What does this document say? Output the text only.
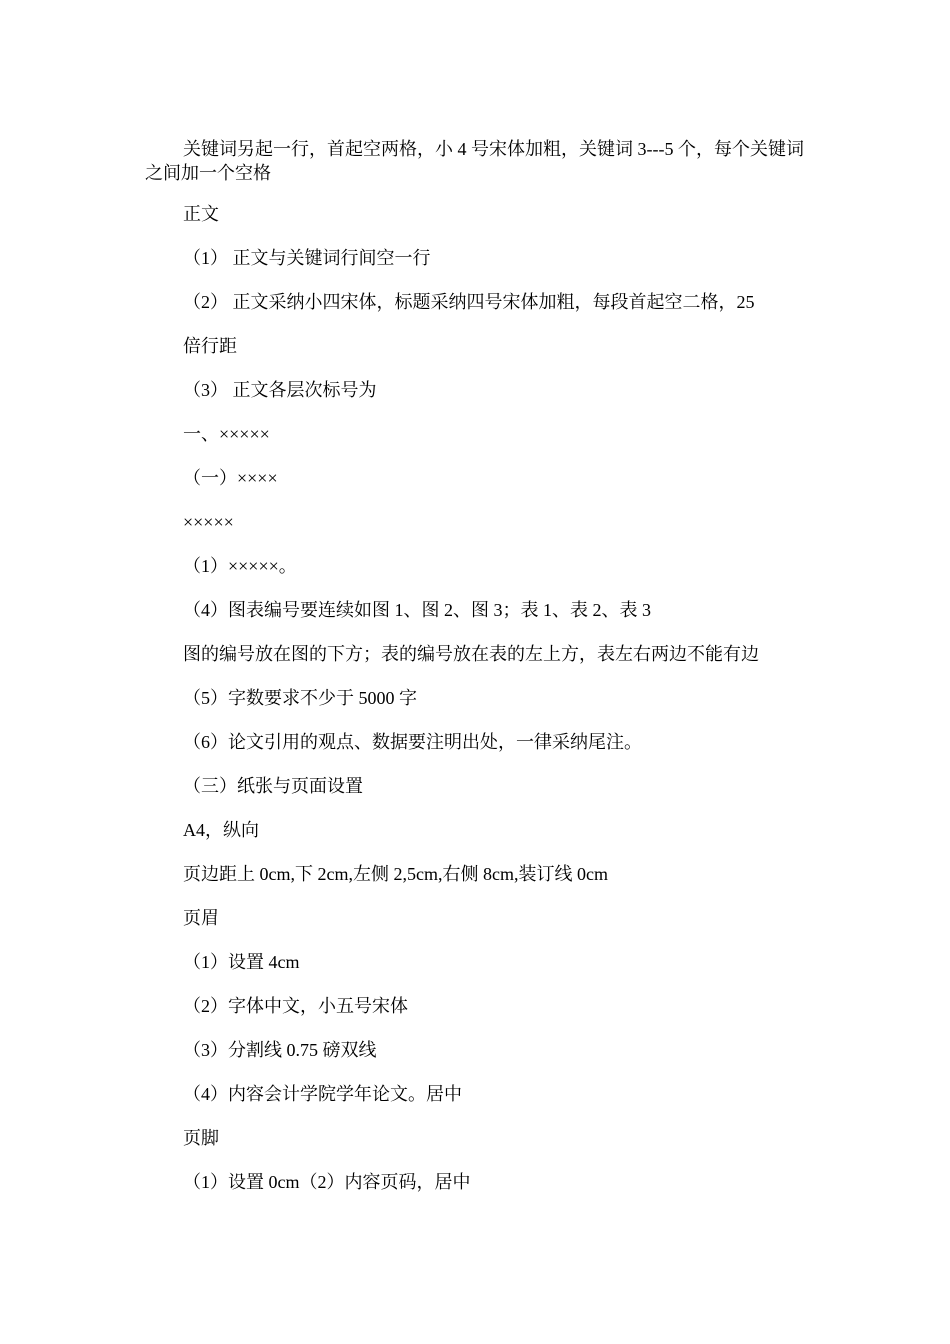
关键词另起一行，首起空两格，小 4 号宋体加粗，关键词 3---5 个，每个关键词之间加一个空格
正文
（1） 正文与关键词行间空一行
（2） 正文采纳小四宋体，标题采纳四号宋体加粗，每段首起空二格，25
倍行距
（3） 正文各层次标号为
一、×××××
（一）××××
×××××
（1）×××××。
（4）图表编号要连续如图 1、图 2、图 3；表 1、表 2、表 3
图的编号放在图的下方；表的编号放在表的左上方，表左右两边不能有边
（5）字数要求不少于 5000 字
（6）论文引用的观点、数据要注明出处，一律采纳尾注。
（三）纸张与页面设置
A4，纵向
页边距上 0cm,下 2cm,左侧 2,5cm,右侧 8cm,装订线 0cm
页眉
（1）设置 4cm
（2）字体中文，小五号宋体
（3）分割线 0.75 磅双线
（4）内容会计学院学年论文。居中
页脚
（1）设置 0cm（2）内容页码，居中
